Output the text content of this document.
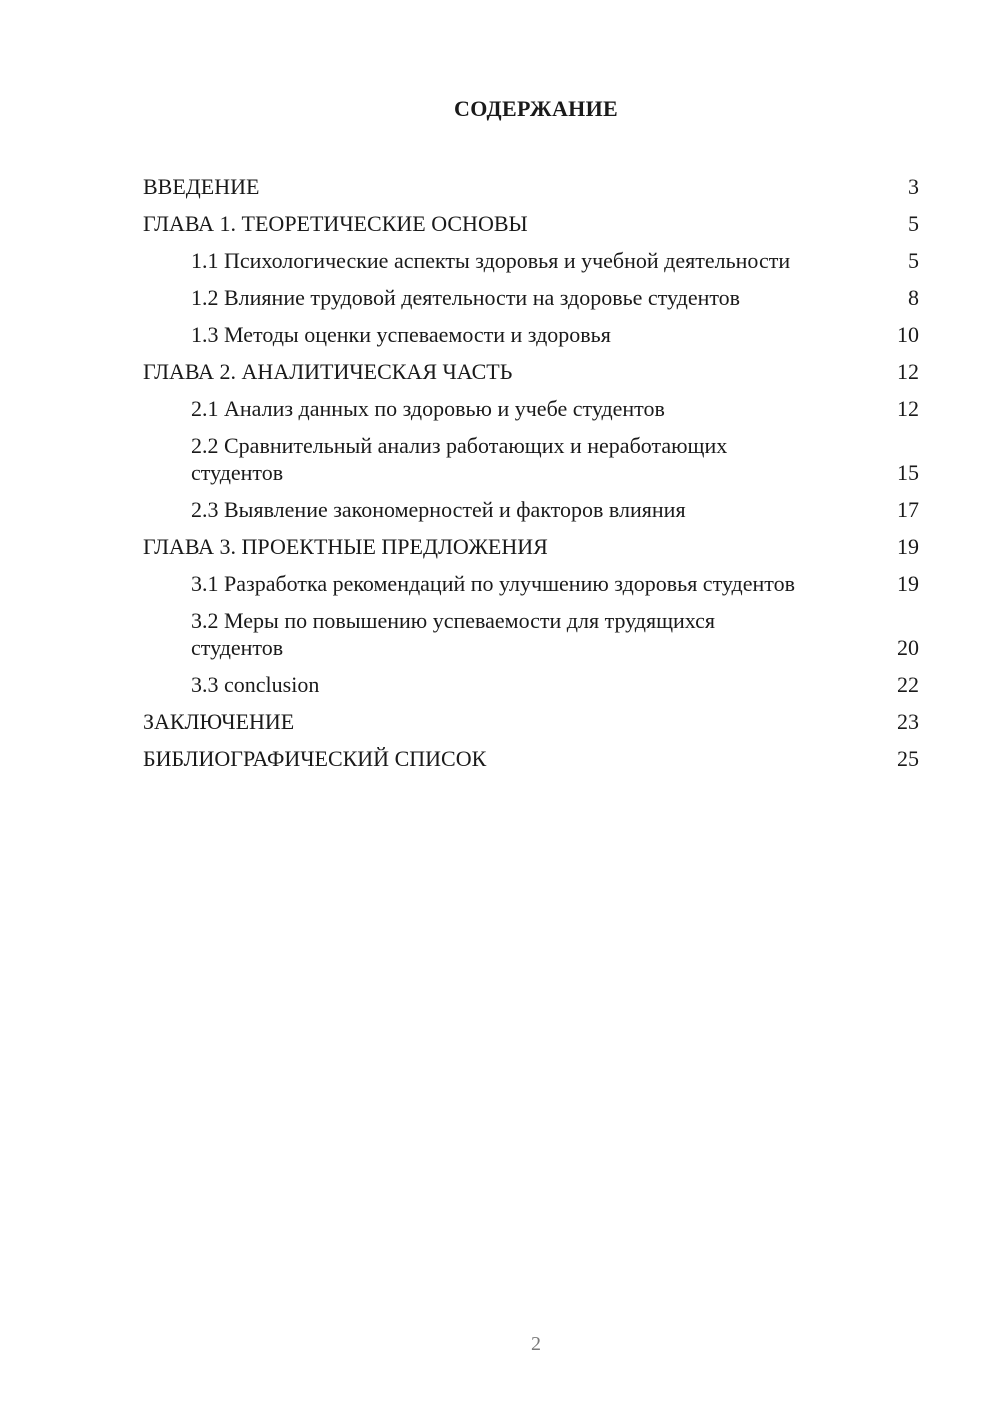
СОДЕРЖАНИЕ
ВВЕДЕНИЕ	3
ГЛАВА 1. ТЕОРЕТИЧЕСКИЕ ОСНОВЫ	5
1.1 Психологические аспекты здоровья и учебной деятельности	5
1.2 Влияние трудовой деятельности на здоровье студентов	8
1.3 Методы оценки успеваемости и здоровья	10
ГЛАВА 2. АНАЛИТИЧЕСКАЯ ЧАСТЬ	12
2.1 Анализ данных по здоровью и учебе студентов	12
2.2 Сравнительный анализ работающих и неработающих студентов	15
2.3 Выявление закономерностей и факторов влияния	17
ГЛАВА 3. ПРОЕКТНЫЕ ПРЕДЛОЖЕНИЯ	19
3.1 Разработка рекомендаций по улучшению здоровья студентов	19
3.2 Меры по повышению успеваемости для трудящихся студентов	20
3.3 conclusion	22
ЗАКЛЮЧЕНИЕ	23
БИБЛИОГРАФИЧЕСКИЙ СПИСОК	25
2
